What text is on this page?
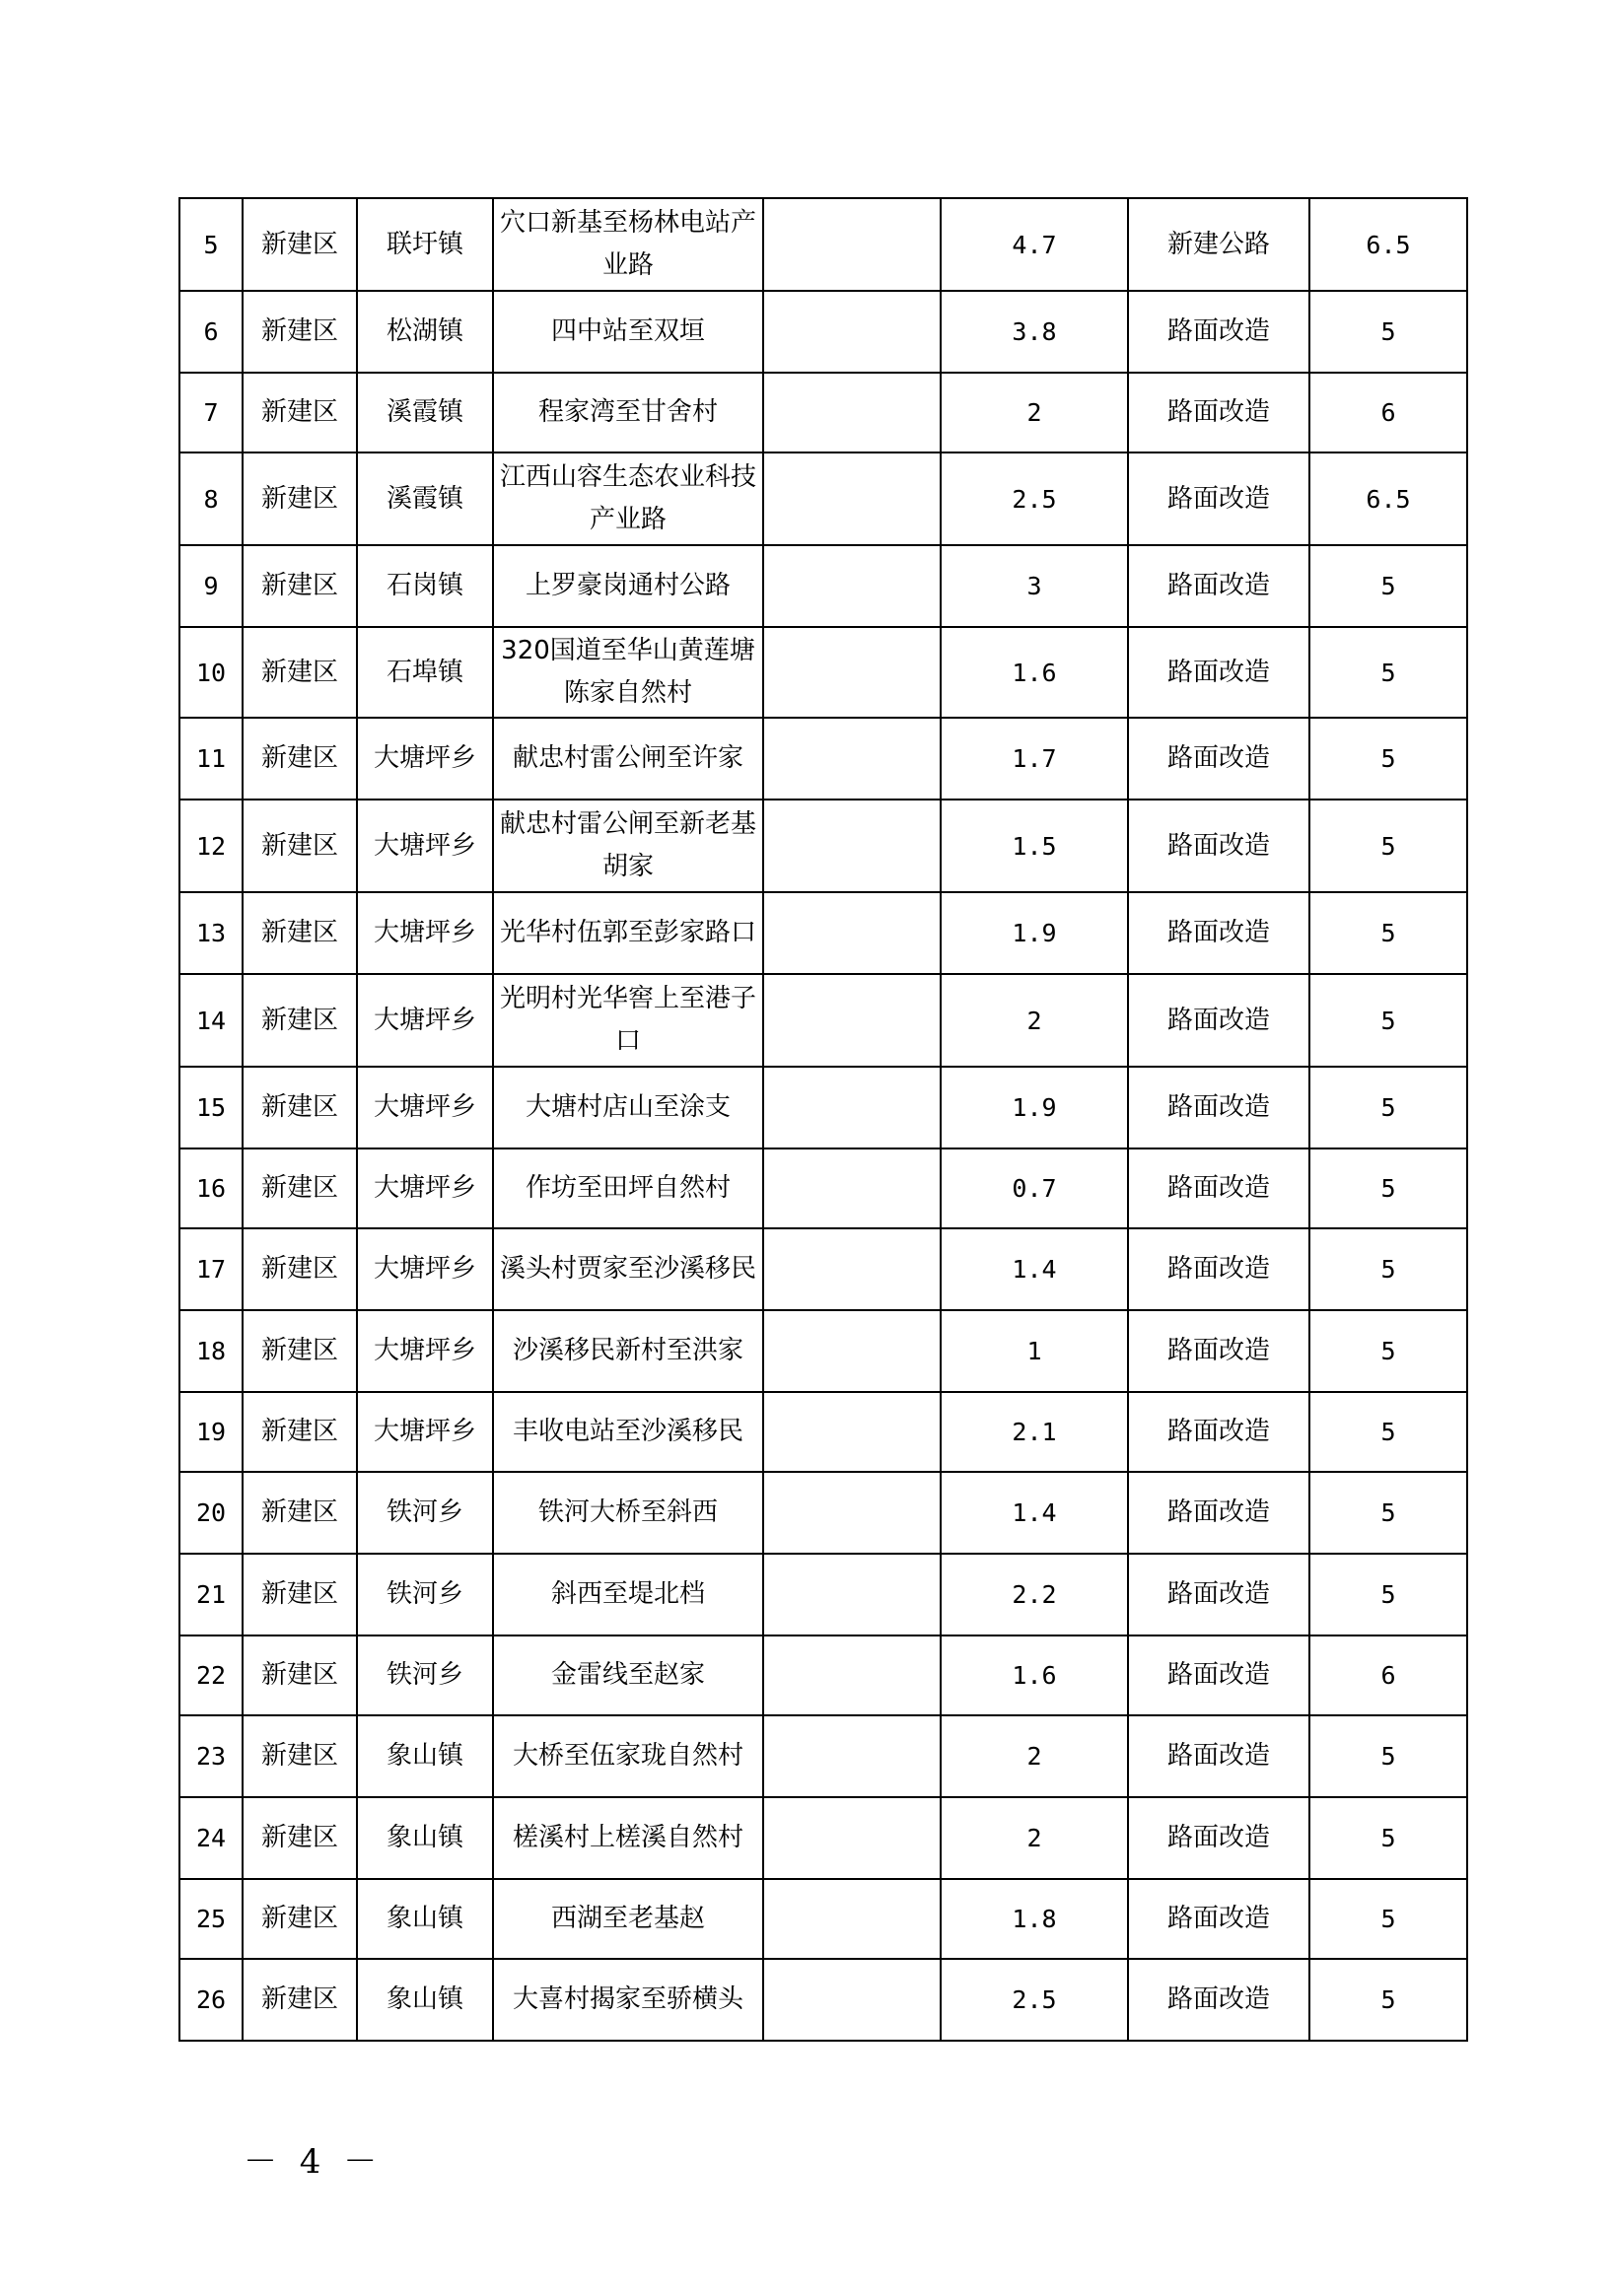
5	新建区	联圩镇	穴口新基至杨林电站产业路		4.7	新建公路	6.5
6	新建区	松湖镇	四中站至双垣		3.8	路面改造	5
7	新建区	溪霞镇	程家湾至甘舍村		2	路面改造	6
8	新建区	溪霞镇	江西山容生态农业科技产业路		2.5	路面改造	6.5
9	新建区	石岗镇	上罗豪岗通村公路		3	路面改造	5
10	新建区	石埠镇	320国道至华山黄莲塘陈家自然村		1.6	路面改造	5
11	新建区	大塘坪乡	献忠村雷公闸至许家		1.7	路面改造	5
12	新建区	大塘坪乡	献忠村雷公闸至新老基胡家		1.5	路面改造	5
13	新建区	大塘坪乡	光华村伍郭至彭家路口		1.9	路面改造	5
14	新建区	大塘坪乡	光明村光华窖上至港子口		2	路面改造	5
15	新建区	大塘坪乡	大塘村店山至涂支		1.9	路面改造	5
16	新建区	大塘坪乡	作坊至田坪自然村		0.7	路面改造	5
17	新建区	大塘坪乡	溪头村贾家至沙溪移民		1.4	路面改造	5
18	新建区	大塘坪乡	沙溪移民新村至洪家		1	路面改造	5
19	新建区	大塘坪乡	丰收电站至沙溪移民		2.1	路面改造	5
20	新建区	铁河乡	铁河大桥至斜西		1.4	路面改造	5
21	新建区	铁河乡	斜西至堤北档		2.2	路面改造	5
22	新建区	铁河乡	金雷线至赵家		1.6	路面改造	6
23	新建区	象山镇	大桥至伍家珑自然村		2	路面改造	5
24	新建区	象山镇	槎溪村上槎溪自然村		2	路面改造	5
25	新建区	象山镇	西湖至老基赵		1.8	路面改造	5
26	新建区	象山镇	大喜村揭家至骄横头		2.5	路面改造	5
－ 4 －
